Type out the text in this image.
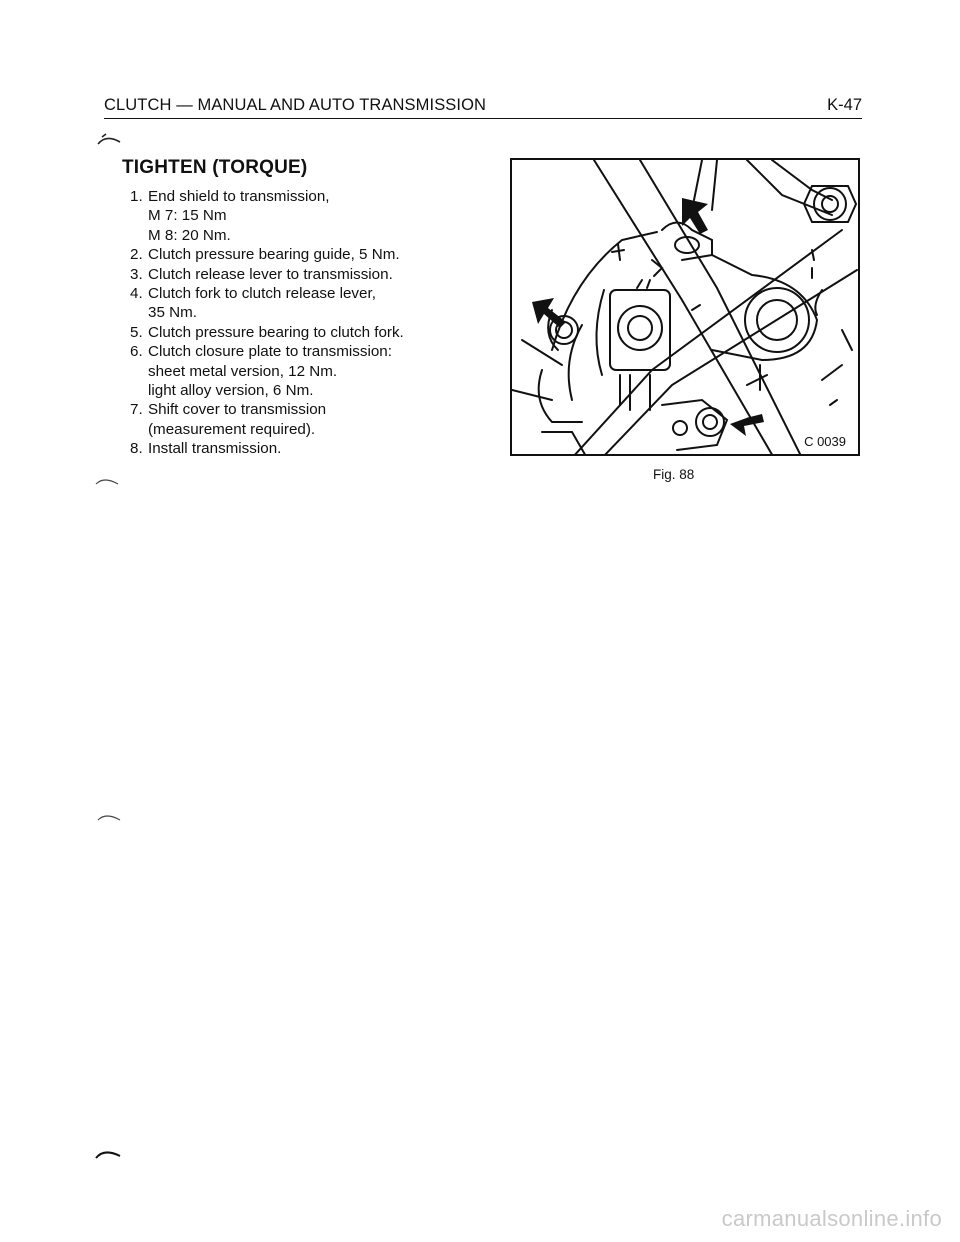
CLUTCH — MANUAL AND AUTO TRANSMISSION	K-47
TIGHTEN (TORQUE)
1. End shield to transmission,
M 7: 15 Nm
M 8: 20 Nm.
2. Clutch pressure bearing guide, 5 Nm.
3. Clutch release lever to transmission.
4. Clutch fork to clutch release lever,
35 Nm.
5. Clutch pressure bearing to clutch fork.
6. Clutch closure plate to transmission:
sheet metal version, 12 Nm.
light alloy version, 6 Nm.
7. Shift cover to transmission
(measurement required).
8. Install transmission.	C 0039
Fig. 88
carmanualsonline.info
